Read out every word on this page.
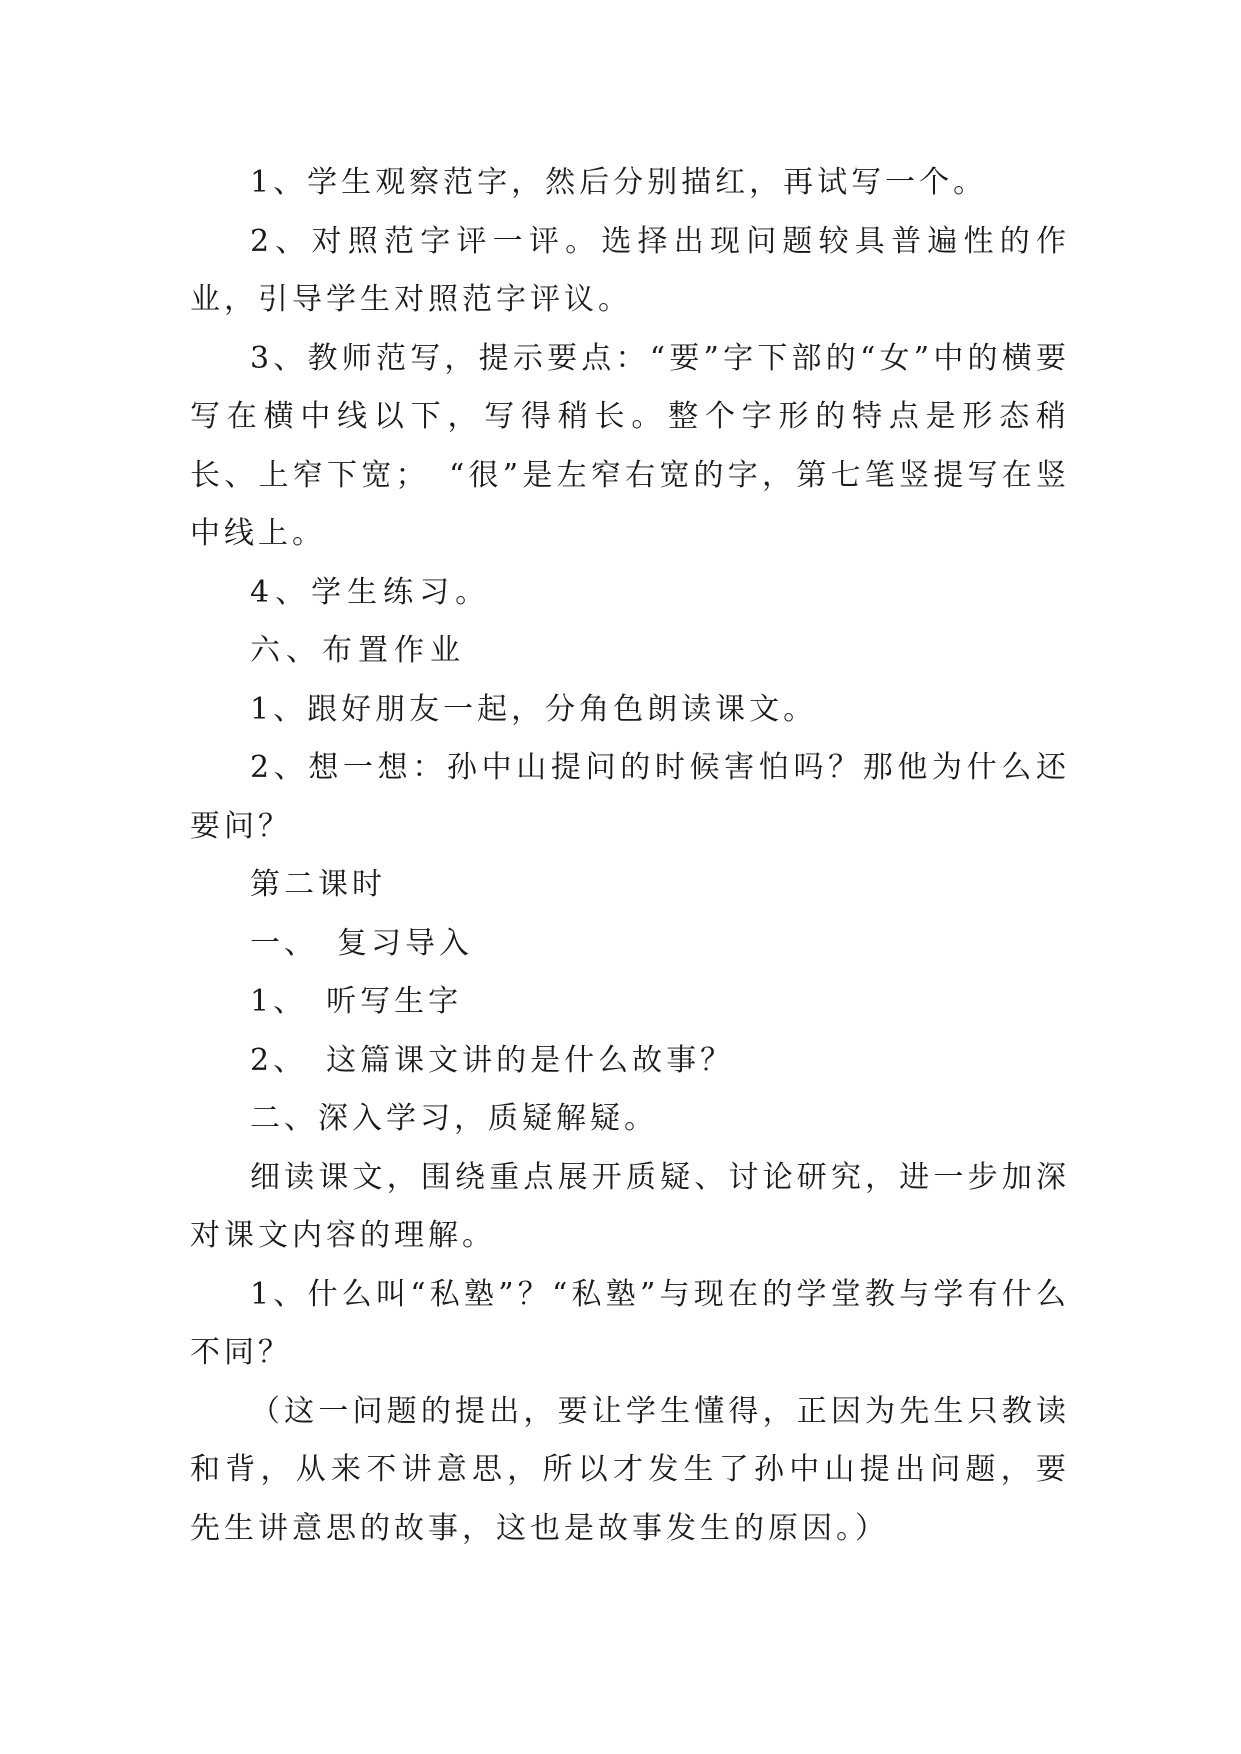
1、学生观察范字，然后分别描红，再试写一个。

2、对照范字评一评。选择出现问题较具普遍性的作业，引导学生对照范字评议。

3、教师范写，提示要点：“要”字下部的“女”中的横要写在横中线以下，写得稍长。整个字形的特点是形态稍长、上窄下宽；　“很”是左窄右宽的字，第七笔竖提写在竖中线上。

4、学生练习。

六、布置作业

1、跟好朋友一起，分角色朗读课文。

2、想一想：孙中山提问的时候害怕吗？那他为什么还要问？

第二课时

一、　复习导入

1、　听写生字

2、　这篇课文讲的是什么故事？

二、深入学习，质疑解疑。

细读课文，围绕重点展开质疑、讨论研究，进一步加深对课文内容的理解。

1、什么叫“私塾”？“私塾”与现在的学堂教与学有什么不同？

（这一问题的提出，要让学生懂得，正因为先生只教读和背，从来不讲意思，所以才发生了孙中山提出问题，要先生讲意思的故事，这也是故事发生的原因。）
